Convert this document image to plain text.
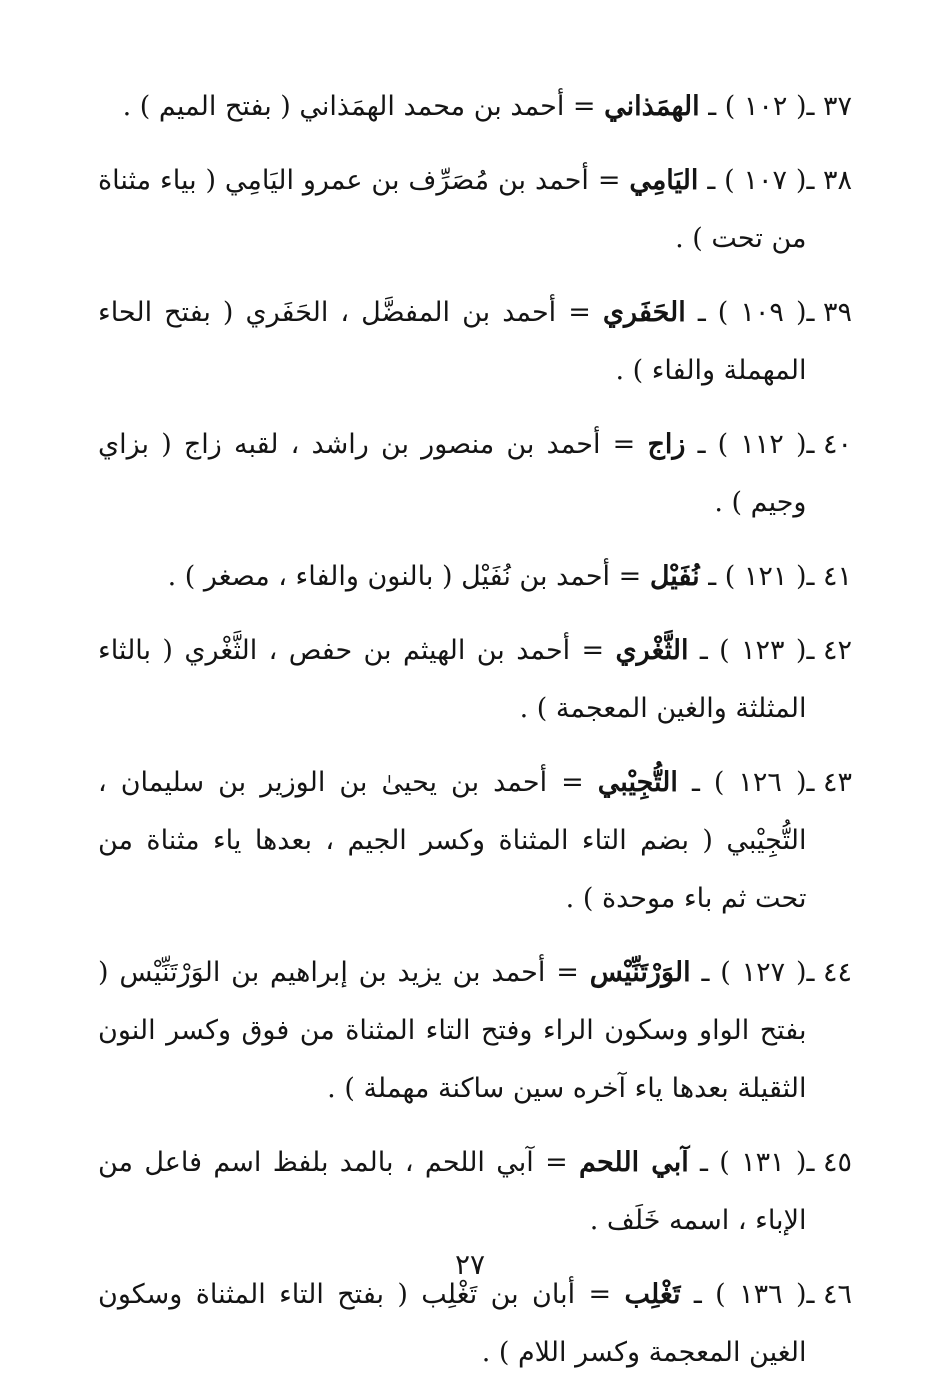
٣٧ ـ
( ١٠٢ ) ـ الهمَذاني = أحمد بن محمد الهمَذاني ( بفتح الميم ) .
٣٨ ـ
( ١٠٧ ) ـ اليَامِي = أحمد بن مُصَرِّف بن عمرو اليَامِي ( بياء مثناة من تحت ) .
٣٩ ـ
( ١٠٩ ) ـ الحَفَري = أحمد بن المفضَّل ، الحَفَري ( بفتح الحاء المهملة والفاء ) .
٤٠ ـ
( ١١٢ ) ـ زاج = أحمد بن منصور بن راشد ، لقبه زاج ( بزاي وجيم ) .
٤١ ـ
( ١٢١ ) ـ نُفَيْل = أحمد بن نُفَيْل ( بالنون والفاء ، مصغر ) .
٤٢ ـ
( ١٢٣ ) ـ الثَّغْري = أحمد بن الهيثم بن حفص ، الثَّغْري ( بالثاء المثلثة والغين المعجمة ) .
٤٣ ـ
( ١٢٦ ) ـ التُّجِيْبي = أحمد بن يحيىٰ بن الوزير بن سليمان ، التُّجِيْبي ( بضم التاء المثناة وكسر الجيم ، بعدها ياء مثناة من تحت ثم باء موحدة ) .
٤٤ ـ
( ١٢٧ ) ـ الوَرْتَنِّيْس = أحمد بن يزيد بن إبراهيم بن الوَرْتَنِّيْس ( بفتح الواو وسكون الراء وفتح التاء المثناة من فوق وكسر النون الثقيلة بعدها ياء آخره سين ساكنة مهملة ) .
٤٥ ـ
( ١٣١ ) ـ آبي اللحم = آبي اللحم ، بالمد بلفظ اسم فاعل من الإباء ، اسمه خَلَف .
٤٦ ـ
( ١٣٦ ) ـ تَغْلِب = أبان بن تَغْلِب ( بفتح التاء المثناة وسكون الغين المعجمة وكسر اللام ) .
٢٧
